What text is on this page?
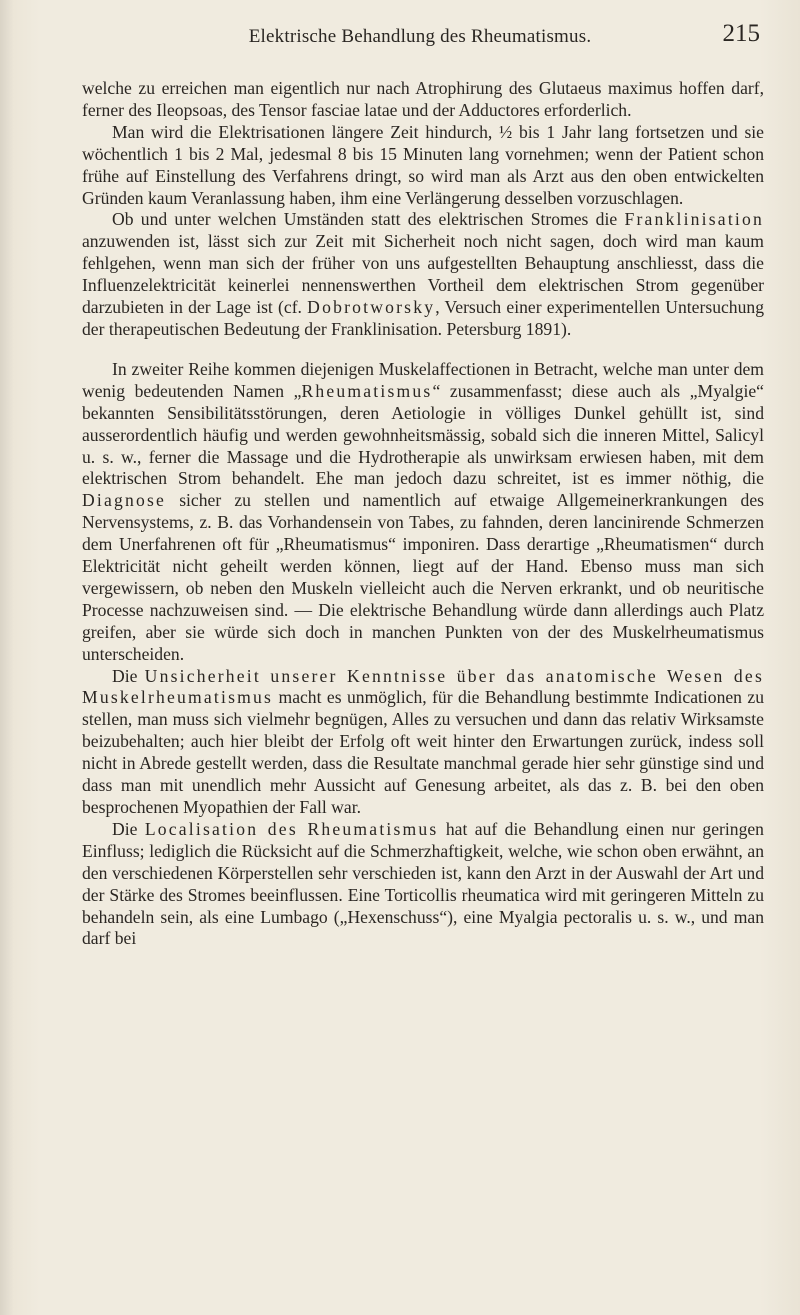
Elektrische Behandlung des Rheumatismus.	215

welche zu erreichen man eigentlich nur nach Atrophirung des Glutaeus maximus hoffen darf, ferner des Ileopsoas, des Tensor fasciae latae und der Adductores erforderlich.

Man wird die Elektrisationen längere Zeit hindurch, ½ bis 1 Jahr lang fortsetzen und sie wöchentlich 1 bis 2 Mal, jedesmal 8 bis 15 Minuten lang vornehmen; wenn der Patient schon frühe auf Einstellung des Verfahrens dringt, so wird man als Arzt aus den oben entwickelten Gründen kaum Veranlassung haben, ihm eine Verlängerung desselben vorzuschlagen.

Ob und unter welchen Umständen statt des elektrischen Stromes die Franklinisation anzuwenden ist, lässt sich zur Zeit mit Sicherheit noch nicht sagen, doch wird man kaum fehlgehen, wenn man sich der früher von uns aufgestellten Behauptung anschliesst, dass die Influenzelektricität keinerlei nennenswerthen Vortheil dem elektrischen Strom gegenüber darzubieten in der Lage ist (cf. Dobrotworsky, Versuch einer experimentellen Untersuchung der therapeutischen Bedeutung der Franklinisation. Petersburg 1891).

In zweiter Reihe kommen diejenigen Muskelaffectionen in Betracht, welche man unter dem wenig bedeutenden Namen „Rheumatismus“ zusammenfasst; diese auch als „Myalgie“ bekannten Sensibilitätsstörungen, deren Aetiologie in völliges Dunkel gehüllt ist, sind ausserordentlich häufig und werden gewohnheitsmässig, sobald sich die inneren Mittel, Salicyl u. s. w., ferner die Massage und die Hydrotherapie als unwirksam erwiesen haben, mit dem elektrischen Strom behandelt. Ehe man jedoch dazu schreitet, ist es immer nöthig, die Diagnose sicher zu stellen und namentlich auf etwaige Allgemeinerkrankungen des Nervensystems, z. B. das Vorhandensein von Tabes, zu fahnden, deren lancinirende Schmerzen dem Unerfahrenen oft für „Rheumatismus“ imponiren. Dass derartige „Rheumatismen“ durch Elektricität nicht geheilt werden können, liegt auf der Hand. Ebenso muss man sich vergewissern, ob neben den Muskeln vielleicht auch die Nerven erkrankt, und ob neuritische Processe nachzuweisen sind. — Die elektrische Behandlung würde dann allerdings auch Platz greifen, aber sie würde sich doch in manchen Punkten von der des Muskelrheumatismus unterscheiden.

Die Unsicherheit unserer Kenntnisse über das anatomische Wesen des Muskelrheumatismus macht es unmöglich, für die Behandlung bestimmte Indicationen zu stellen, man muss sich vielmehr begnügen, Alles zu versuchen und dann das relativ Wirksamste beizubehalten; auch hier bleibt der Erfolg oft weit hinter den Erwartungen zurück, indess soll nicht in Abrede gestellt werden, dass die Resultate manchmal gerade hier sehr günstige sind und dass man mit unendlich mehr Aussicht auf Genesung arbeitet, als das z. B. bei den oben besprochenen Myopathien der Fall war.

Die Localisation des Rheumatismus hat auf die Behandlung einen nur geringen Einfluss; lediglich die Rücksicht auf die Schmerzhaftigkeit, welche, wie schon oben erwähnt, an den verschiedenen Körperstellen sehr verschieden ist, kann den Arzt in der Auswahl der Art und der Stärke des Stromes beeinflussen. Eine Torticollis rheumatica wird mit geringeren Mitteln zu behandeln sein, als eine Lumbago („Hexenschuss“), eine Myalgia pectoralis u. s. w., und man darf bei
